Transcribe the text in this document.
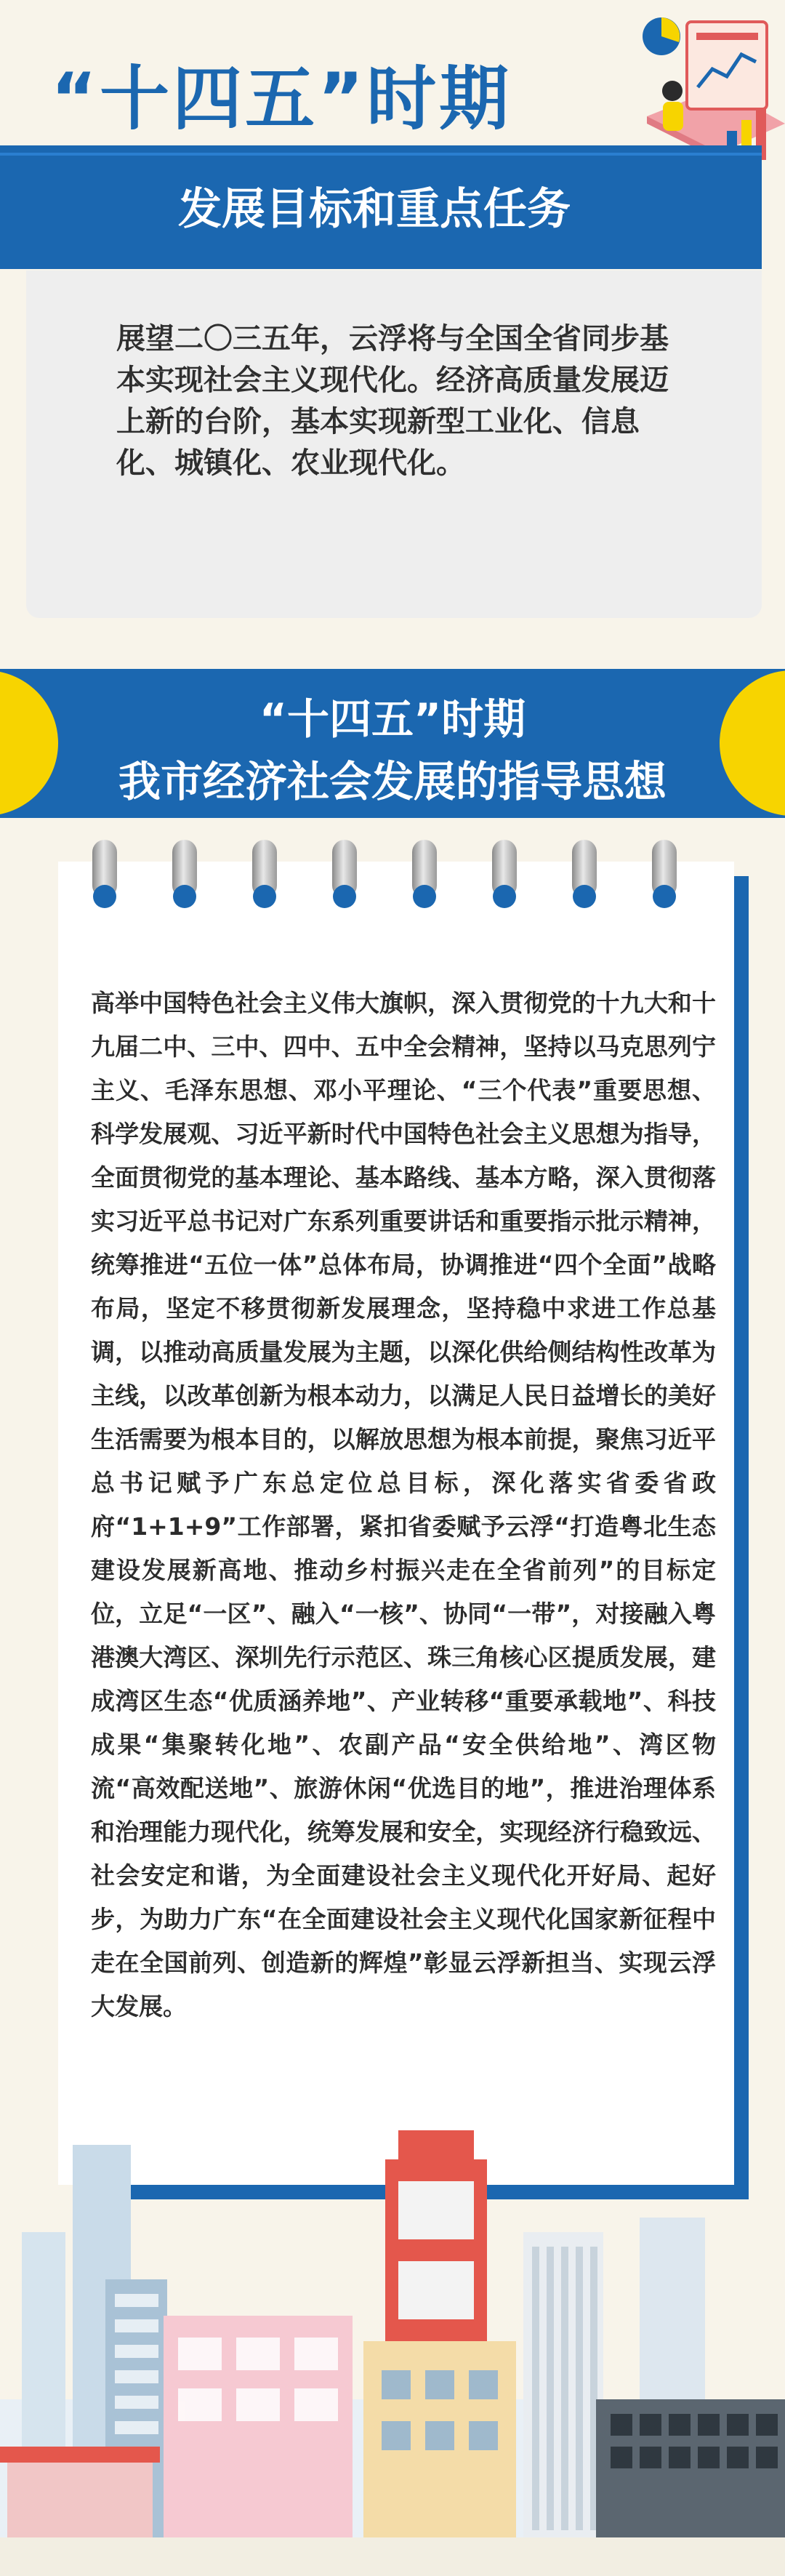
“十四五”时期
发展目标和重点任务
展望二〇三五年，云浮将与全国全省同步基本实现社会主义现代化。经济高质量发展迈上新的台阶，基本实现新型工业化、信息化、城镇化、农业现代化。
“十四五”时期
我市经济社会发展的指导思想
高举中国特色社会主义伟大旗帜，深入贯彻党的十九大和十九届二中、三中、四中、五中全会精神，坚持以马克思列宁主义、毛泽东思想、邓小平理论、“三个代表”重要思想、科学发展观、习近平新时代中国特色社会主义思想为指导，全面贯彻党的基本理论、基本路线、基本方略，深入贯彻落实习近平总书记对广东系列重要讲话和重要指示批示精神，统筹推进“五位一体”总体布局，协调推进“四个全面”战略布局，坚定不移贯彻新发展理念，坚持稳中求进工作总基调，以推动高质量发展为主题，以深化供给侧结构性改革为主线，以改革创新为根本动力，以满足人民日益增长的美好生活需要为根本目的，以解放思想为根本前提，聚焦习近平总书记赋予广东总定位总目标，深化落实省委省政府“1+1+9”工作部署，紧扣省委赋予云浮“打造粤北生态建设发展新高地、推动乡村振兴走在全省前列”的目标定位，立足“一区”、融入“一核”、协同“一带”，对接融入粤港澳大湾区、深圳先行示范区、珠三角核心区提质发展，建成湾区生态“优质涵养地”、产业转移“重要承载地”、科技成果“集聚转化地”、农副产品“安全供给地”、湾区物流“高效配送地”、旅游休闲“优选目的地”，推进治理体系和治理能力现代化，统筹发展和安全，实现经济行稳致远、社会安定和谐，为全面建设社会主义现代化开好局、起好步，为助力广东“在全面建设社会主义现代化国家新征程中走在全国前列、创造新的辉煌”彰显云浮新担当、实现云浮大发展。
